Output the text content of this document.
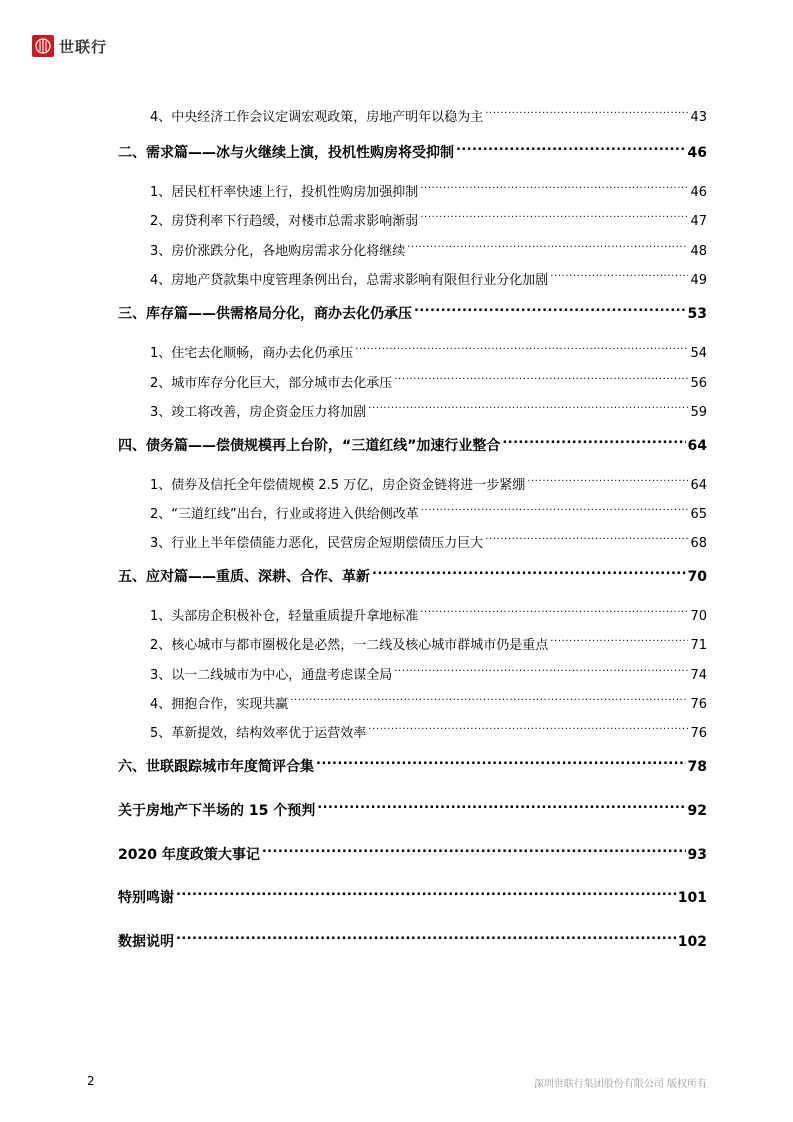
世联行
4、中央经济工作会议定调宏观政策，房地产明年以稳为主 .....	43
二、需求篇——冰与火继续上演，投机性购房将受抑制 .....	46
1、居民杠杆率快速上行，投机性购房加强抑制 .....	46
2、房贷利率下行趋缓，对楼市总需求影响渐弱 .....	47
3、房价涨跌分化，各地购房需求分化将继续 .....	48
4、房地产贷款集中度管理条例出台，总需求影响有限但行业分化加剧 .....	49
三、库存篇——供需格局分化，商办去化仍承压 .....	53
1、住宅去化顺畅，商办去化仍承压 .....	54
2、城市库存分化巨大，部分城市去化承压 .....	56
3、竣工将改善，房企资金压力将加剧 .....	59
四、债务篇——偿债规模再上台阶，“三道红线”加速行业整合 .....	64
1、债券及信托全年偿债规模 2.5 万亿，房企资金链将进一步紧绷 .....	64
2、“三道红线”出台，行业或将进入供给侧改革 .....	65
3、行业上半年偿债能力恶化，民营房企短期偿债压力巨大 .....	68
五、应对篇——重质、深耕、合作、革新 .....	70
1、头部房企积极补仓，轻量重质提升拿地标准 .....	70
2、核心城市与都市圈极化是必然，一二线及核心城市群城市仍是重点 .....	71
3、以一二线城市为中心，通盘考虑谋全局 .....	74
4、拥抱合作，实现共赢 .....	76
5、革新提效，结构效率优于运营效率 .....	76
六、世联跟踪城市年度简评合集 .....	78
关于房地产下半场的 15 个预判 .....	92
2020 年度政策大事记 .....	93
特别鸣谢 .....	101
数据说明 .....	102
2	深圳世联行集团股份有限公司 版权所有
